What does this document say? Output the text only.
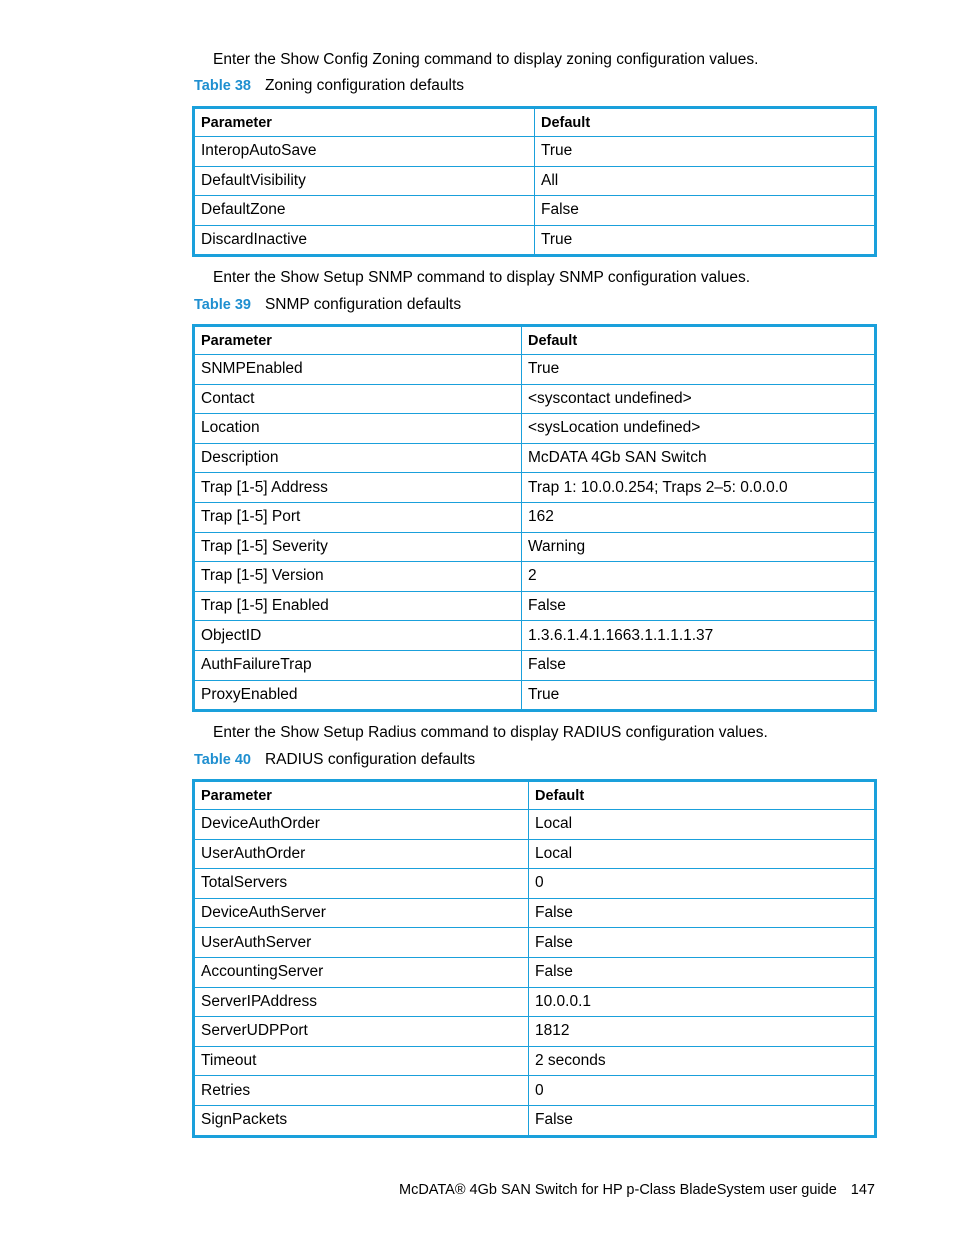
Enter the Show Config Zoning command to display zoning configuration values.
Table 38 Zoning configuration defaults
Parameter	Default
InteropAutoSave	True
DefaultVisibility	All
DefaultZone	False
DiscardInactive	True
Enter the Show Setup SNMP command to display SNMP configuration values.
Table 39 SNMP configuration defaults
Parameter	Default
SNMPEnabled	True
Contact	<syscontact undefined>
Location	<sysLocation undefined>
Description	McDATA 4Gb SAN Switch
Trap [1-5] Address	Trap 1: 10.0.0.254; Traps 2–5: 0.0.0.0
Trap [1-5] Port	162
Trap [1-5] Severity	Warning
Trap [1-5] Version	2
Trap [1-5] Enabled	False
ObjectID	1.3.6.1.4.1.1663.1.1.1.1.37
AuthFailureTrap	False
ProxyEnabled	True
Enter the Show Setup Radius command to display RADIUS configuration values.
Table 40 RADIUS configuration defaults
Parameter	Default
DeviceAuthOrder	Local
UserAuthOrder	Local
TotalServers	0
DeviceAuthServer	False
UserAuthServer	False
AccountingServer	False
ServerIPAddress	10.0.0.1
ServerUDPPort	1812
Timeout	2 seconds
Retries	0
SignPackets	False
McDATA® 4Gb SAN Switch for HP p-Class BladeSystem user guide 147
